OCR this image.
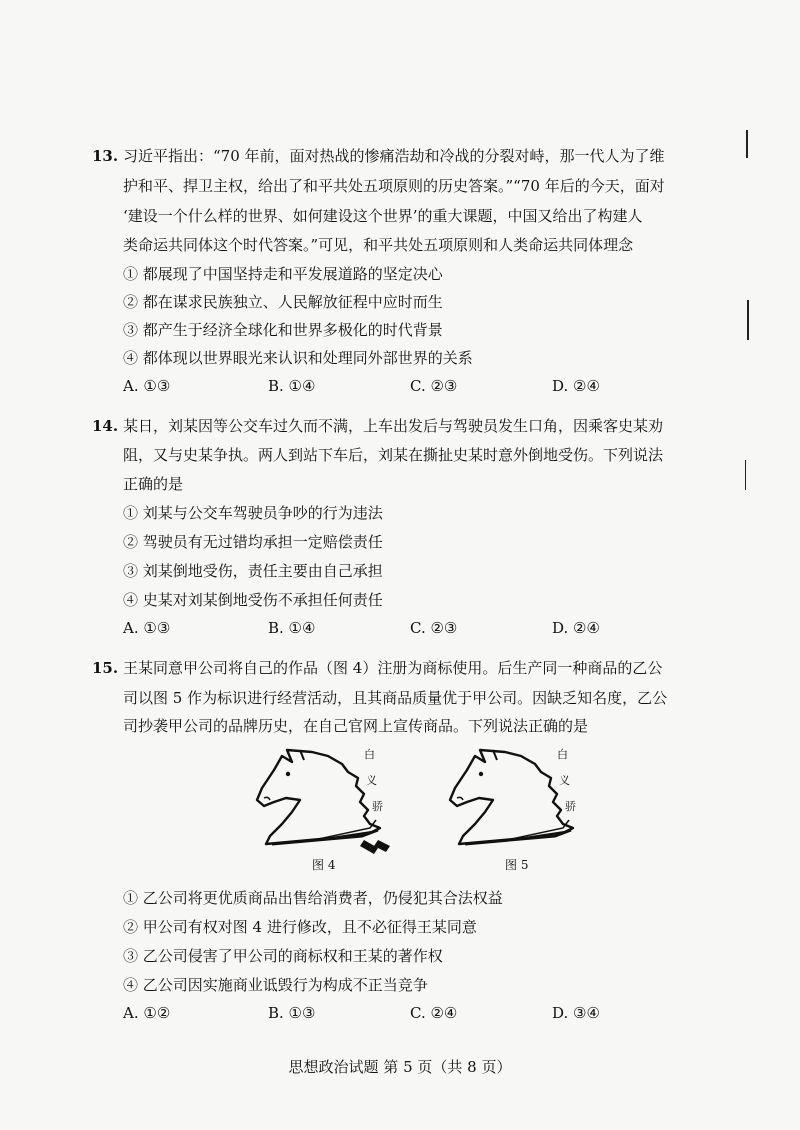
13. 习近平指出：“70 年前，面对热战的惨痛浩劫和冷战的分裂对峙，那一代人为了维
护和平、捍卫主权，给出了和平共处五项原则的历史答案。”“70 年后的今天，面对
‘建设一个什么样的世界、如何建设这个世界’的重大课题，中国又给出了构建人
类命运共同体这个时代答案。”可见，和平共处五项原则和人类命运共同体理念
① 都展现了中国坚持走和平发展道路的坚定决心
② 都在谋求民族独立、人民解放征程中应时而生
③ 都产生于经济全球化和世界多极化的时代背景
④ 都体现以世界眼光来认识和处理同外部世界的关系
A. ①③	B. ①④	C. ②③	D. ②④
14. 某日，刘某因等公交车过久而不满，上车出发后与驾驶员发生口角，因乘客史某劝
阻，又与史某争执。两人到站下车后，刘某在撕扯史某时意外倒地受伤。下列说法
正确的是
① 刘某与公交车驾驶员争吵的行为违法
② 驾驶员有无过错均承担一定赔偿责任
③ 刘某倒地受伤，责任主要由自己承担
④ 史某对刘某倒地受伤不承担任何责任
A. ①③	B. ①④	C. ②③	D. ②④
15. 王某同意甲公司将自己的作品（图 4）注册为商标使用。后生产同一种商品的乙公
司以图 5 作为标识进行经营活动，且其商品质量优于甲公司。因缺乏知名度，乙公
司抄袭甲公司的品牌历史，在自己官网上宣传商品。下列说法正确的是
白
义
骄
图 4
白
义
骄
图 5
① 乙公司将更优质商品出售给消费者，仍侵犯其合法权益
② 甲公司有权对图 4 进行修改，且不必征得王某同意
③ 乙公司侵害了甲公司的商标权和王某的著作权
④ 乙公司因实施商业诋毁行为构成不正当竞争
A. ①②	B. ①③	C. ②④	D. ③④
思想政治试题 第 5 页（共 8 页）
